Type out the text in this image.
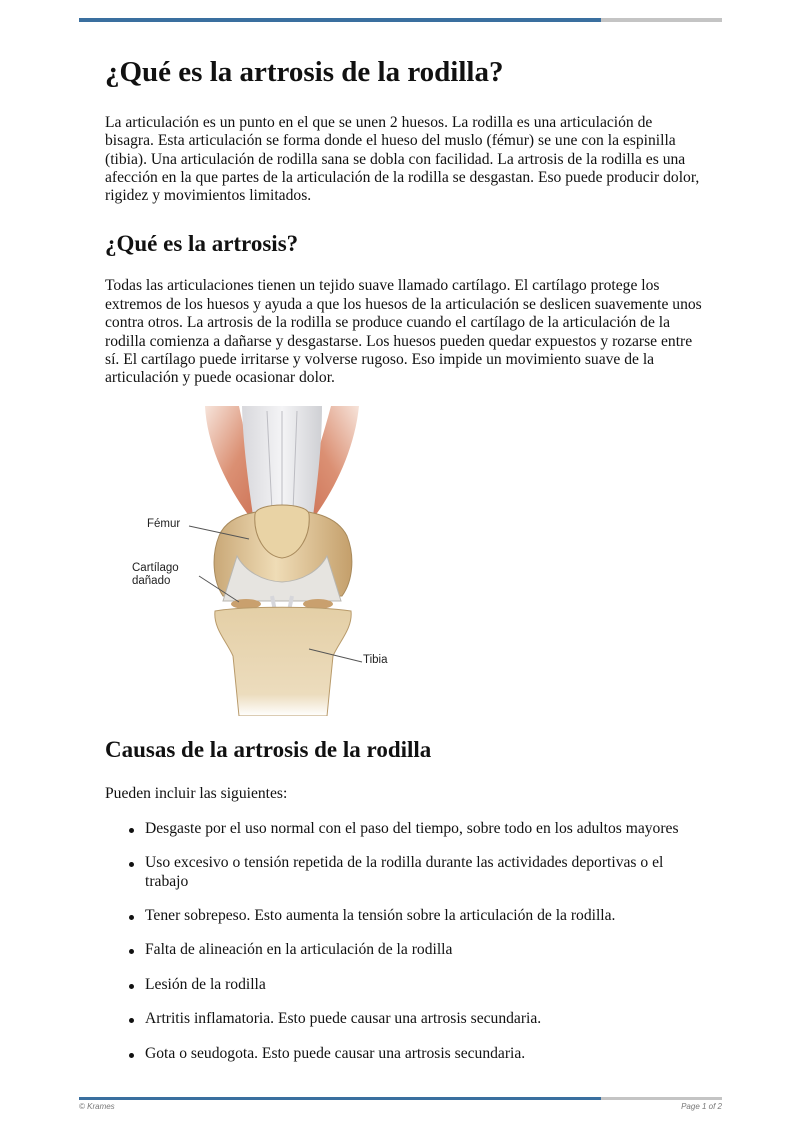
¿Qué es la artrosis de la rodilla?

La articulación es un punto en el que se unen 2 huesos. La rodilla es una articulación de bisagra. Esta articulación se forma donde el hueso del muslo (fémur) se une con la espinilla (tibia). Una articulación de rodilla sana se dobla con facilidad. La artrosis de la rodilla es una afección en la que partes de la articulación de la rodilla se desgastan. Eso puede producir dolor, rigidez y movimientos limitados.

¿Qué es la artrosis?

Todas las articulaciones tienen un tejido suave llamado cartílago. El cartílago protege los extremos de los huesos y ayuda a que los huesos de la articulación se deslicen suavemente unos contra otros. La artrosis de la rodilla se produce cuando el cartílago de la articulación de la rodilla comienza a dañarse y desgastarse. Los huesos pueden quedar expuestos y rozarse entre sí. El cartílago puede irritarse y volverse rugoso. Eso impide un movimiento suave de la articulación y puede ocasionar dolor.

Fémur
Cartílago
dañado
Tibia
Causas de la artrosis de la rodilla

Pueden incluir las siguientes:

Desgaste por el uso normal con el paso del tiempo, sobre todo en los adultos mayores
Uso excesivo o tensión repetida de la rodilla durante las actividades deportivas o el trabajo
Tener sobrepeso. Esto aumenta la tensión sobre la articulación de la rodilla.
Falta de alineación en la articulación de la rodilla
Lesión de la rodilla
Artritis inflamatoria. Esto puede causar una artrosis secundaria.
Gota o seudogota. Esto puede causar una artrosis secundaria.
© Krames	Page 1 of 2
